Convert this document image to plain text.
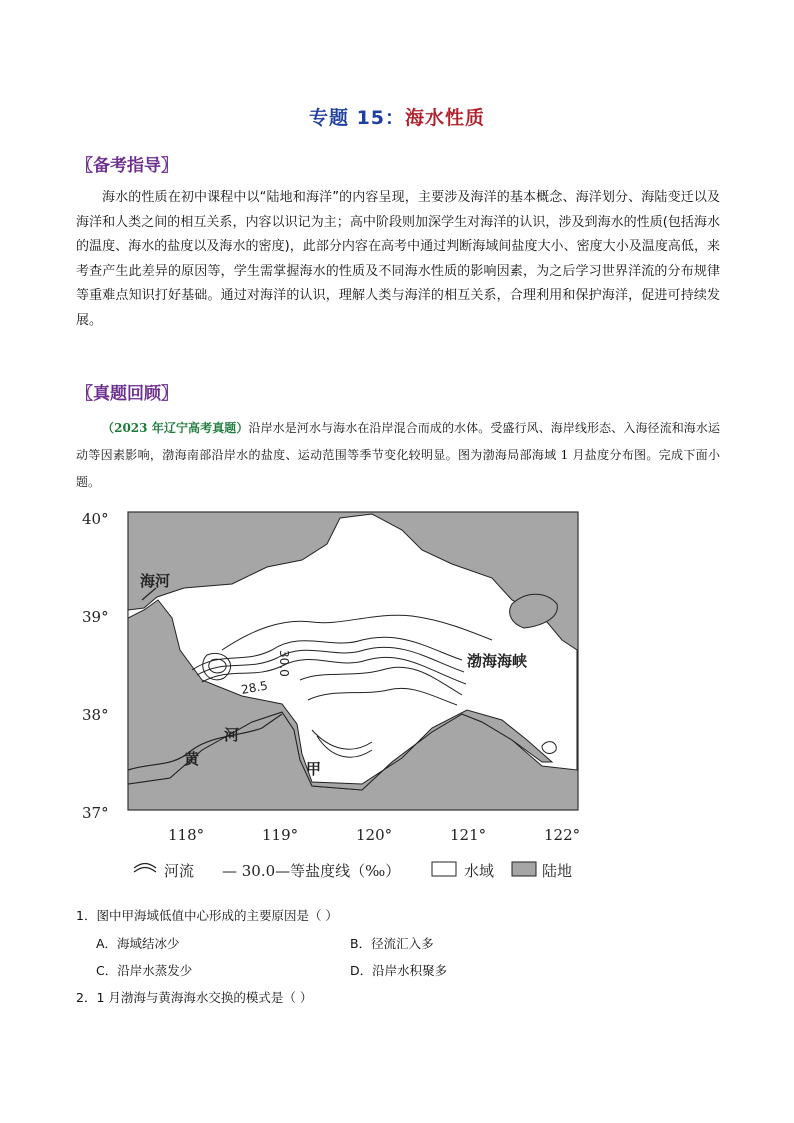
专题 15：海水性质
〖备考指导〗
海水的性质在初中课程中以“陆地和海洋”的内容呈现，主要涉及海洋的基本概念、海洋划分、海陆变迁以及海洋和人类之间的相互关系，内容以识记为主；高中阶段则加深学生对海洋的认识，涉及到海水的性质(包括海水的温度、海水的盐度以及海水的密度)，此部分内容在高考中通过判断海域间盐度大小、密度大小及温度高低，来考查产生此差异的原因等，学生需掌握海水的性质及不同海水性质的影响因素，为之后学习世界洋流的分布规律等重难点知识打好基础。通过对海洋的认识，理解人类与海洋的相互关系，合理利用和保护海洋，促进可持续发展。
〖真题回顾〗
（2023 年辽宁高考真题）沿岸水是河水与海水在沿岸混合而成的水体。受盛行风、海岸线形态、入海径流和海水运动等因素影响，渤海南部沿岸水的盐度、运动范围等季节变化较明显。图为渤海局部海域 1 月盐度分布图。完成下面小题。
40°
39°
38°
37°
118°	119°	120°	121°	122°
海河
渤海海峡
河
黄
甲
30.0
28.5
河流 — 30.0—等盐度线（‰）	水域	陆地
1．图中甲海域低值中心形成的主要原因是（ ）
A．海域结冰少	B．径流汇入多
C．沿岸水蒸发少	D．沿岸水积聚多
2．1 月渤海与黄海海水交换的模式是（ ）
